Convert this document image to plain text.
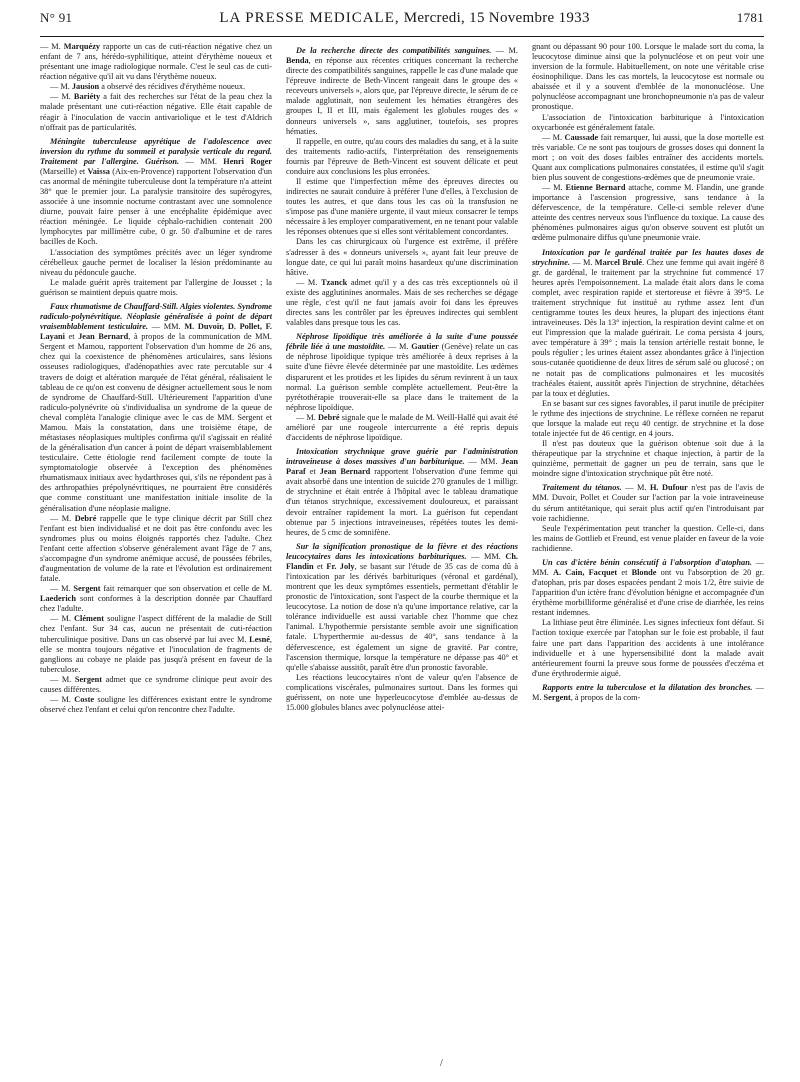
N° 91	LA PRESSE MEDICALE, Mercredi, 15 Novembre 1933	1781

— M. Marquézy rapporte un cas de cuti-réaction négative chez un enfant de 7 ans, hérédo-syphilitique, atteint d'érythème noueux et présentant une image radiologique normale. C'est le seul cas de cuti-réaction négative qu'il ait vu dans l'érythème noueux.

— M. Jausion a observé des récidives d'érythème noueux.

— M. Bariéty a fait des recherches sur l'état de la peau chez la malade présentant une cuti-réaction négative. Elle était capable de réagir à l'inoculation de vaccin antivariolique et le test d'Aldrich n'offrait pas de particularités.

Méningite tuberculeuse apyrétique de l'adolescence avec inversion du rythme du sommeil et paralysie verticale du regard. Traitement par l'allergine. Guérison. — MM. Henri Roger (Marseille) et Vaissa (Aix-en-Provence) rapportent l'observation d'un cas anormal de méningite tuberculeuse dont la température n'a atteint 38° que le premier jour. La paralysie transitoire des supérogyres, associée à une insomnie nocturne contrastant avec une somnolence diurne, pouvait faire penser à une encéphalite épidémique avec réaction méningée. Le liquide céphalo-rachidien contenait 200 lymphocytes par millimètre cube, 0 gr. 50 d'albumine et de rares bacilles de Koch.

L'association des symptômes précités avec un léger syndrome cérébelleux gauche permet de localiser la lésion prédominante au niveau du pédoncule gauche.

Le malade guérit après traitement par l'allergine de Jousset ; la guérison se maintient depuis quatre mois.

Faux rhumatisme de Chauffard-Still. Algies violentes. Syndrome radiculo-polynévritique. Néoplasie généralisée à point de départ vraisemblablement testiculaire. — MM. M. Duvoir, D. Pollet, F. Layani et Jean Bernard, à propos de la communication de MM. Sergent et Mamou, rapportent l'observation d'un homme de 26 ans, chez qui la coexistence de phénomènes articulaires, sans lésions osseuses radiologiques, d'adénopathies avec rate percutable sur 4 travers de doigt et altération marquée de l'état général, réalisaient le tableau de ce qu'on est convenu de désigner actuellement sous le nom de syndrome de Chauffard-Still. Ultérieurement l'apparition d'une radiculo-polynévrite où s'individualisa un syndrome de la queue de cheval complèta l'analogie clinique avec le cas de MM. Sergent et Mamou. Mais la constatation, dans une troisième étape, de métastases néoplasiques multiples confirma qu'il s'agissait en réalité de la généralisation d'un cancer à point de départ vraisemblablement testiculaire. Cette étiologie rend facilement compte de toute la symptomatologie observée à l'exception des phénomènes rhumatismaux initiaux avec hydarthroses qui, s'ils ne répondent pas à des arthropathies prépolynévritiques, ne pourraient être considérés que comme constituant une manifestation initiale insolite de la généralisation d'une néoplasie maligne.

— M. Debré rappelle que le type clinique décrit par Still chez l'enfant est bien individualisé et ne doit pas être confondu avec les syndromes plus ou moins éloignés rapportés chez l'adulte. Chez l'enfant cette affection s'observe généralement avant l'âge de 7 ans, s'accompagne d'un syndrome anémique accusé, de poussées fébriles, d'augmentation de volume de la rate et l'évolution est ordinairement fatale.

— M. Sergent fait remarquer que son observation et celle de M. Laederich sont conformes à la description donnée par Chauffard chez l'adulte.

— M. Clément souligne l'aspect différent de la maladie de Still chez l'enfant. Sur 34 cas, aucun ne présentait de cuti-réaction tuberculinique positive. Dans un cas observé par lui avec M. Lesné, elle se montra toujours négative et l'inoculation de fragments de ganglions au cobaye ne plaide pas jusqu'à présent en faveur de la tuberculose.

— M. Sergent admet que ce syndrome clinique peut avoir des causes différentes.

— M. Coste souligne les différences existant entre le syndrome observé chez l'enfant et celui qu'on rencontre chez l'adulte.

De la recherche directe des compatibilités sanguines. — M. Benda, en réponse aux récentes critiques concernant la recherche directe des compatibilités sanguines, rappelle le cas d'une malade que l'épreuve indirecte de Beth-Vincent rangeait dans le groupe des « receveurs universels », alors que, par l'épreuve directe, le sérum de ce malade agglutinait, non seulement les hématies étrangères des groupes I, II et III, mais également les globules rouges des « donneurs universels », sans agglutiner, toutefois, ses propres hématies.

Il rappelle, en outre, qu'au cours des maladies du sang, et à la suite des traitements radio-actifs, l'interprétation des renseignements fournis par l'épreuve de Beth-Vincent est souvent délicate et peut conduire aux conclusions les plus erronées.

Il estime que l'imperfection même des épreuves directes ou indirectes ne saurait conduire à préférer l'une d'elles, à l'exclusion de toutes les autres, et que dans tous les cas où la transfusion ne s'impose pas d'une manière urgente, il vaut mieux consacrer le temps nécessaire à les employer comparativement, en ne tenant pour valable les réponses obtenues que si elles sont véritablement concordantes.

Dans les cas chirurgicaux où l'urgence est extrême, il préfère s'adresser à des « donneurs universels », ayant fait leur preuve de longue date, ce qui lui paraît moins hasardeux qu'une discrimination hâtive.

— M. Tzanck admet qu'il y a des cas très exceptionnels où il existe des agglutinines anormales. Mais de ses recherches se dégage une règle, c'est qu'il ne faut jamais avoir foi dans les épreuves directes sans les contrôler par les épreuves indirectes qui semblent valables dans presque tous les cas.

Néphrose lipoïdique très améliorée à la suite d'une poussée fébrile liée à une mastoïdite. — M. Gautier (Genève) relate un cas de néphrose lipoïdique typique très améliorée à deux reprises à la suite d'une fièvre élevée déterminée par une mastoïdite. Les œdèmes disparurent et les protides et les lipides du sérum revinrent à un taux normal. La guérison semble complète actuellement. Peut-être la pyrétothérapie trouverait-elle sa place dans le traitement de la néphrose lipoïdique.

— M. Debré signale que le malade de M. Weill-Hallé qui avait été amélioré par une rougeole intercurrente a été repris depuis d'accidents de néphrose lipoïdique.

Intoxication strychnique grave guérie par l'administration intraveineuse à doses massives d'un barbiturique. — MM. Jean Paraf et Jean Bernard rapportent l'observation d'une femme qui avait absorbé dans une intention de suicide 270 granules de 1 milligr. de strychnine et était entrée à l'hôpital avec le tableau dramatique d'un tétanos strychnique, excessivement douloureux, et paraissant devoir entraîner rapidement la mort. La guérison fut cependant obtenue par 5 injections intraveineuses, répétées toutes les demi-heures, de 5 cmc de somnifène.
Sur la signification pronostique de la fièvre et des réactions leucocytaires dans les intoxications barbituriques. — MM. Ch. Flandin et Fr. Joly, se basant sur l'étude de 35 cas de coma dû à l'intoxication par les dérivés barbituriques (véronal et gardénal), montrent que les deux symptômes essentiels, permettant d'établir le pronostic de l'intoxication, sont l'aspect de la courbe thermique et la leucocytose. La notion de dose n'a qu'une importance relative, car la tolérance individuelle est aussi variable chez l'homme que chez l'animal. L'hypothermie persistante semble avoir une signification fatale. L'hyperthermie au-dessus de 40°, sans tendance à la défervescence, est également un signe de gravité. Par contre, l'ascension thermique, lorsque la température ne dépasse pas 40° et qu'elle s'abaisse aussitôt, paraît être d'un pronostic favorable.

Les réactions leucocytaires n'ont de valeur qu'en l'absence de complications viscérales, pulmonaires surtout. Dans les formes qui guérissent, on note une hyperleucocytose d'emblée au-dessus de 15.000 globules blancs avec polynucléose attei-

gnant ou dépassant 90 pour 100. Lorsque le malade sort du coma, la leucocytose diminue ainsi que la polynucléose et on peut voir une inversion de la formule. Habituellement, on note une véritable crise éosinophilique. Dans les cas mortels, la leucocytose est normale ou abaissée et il y a souvent d'emblée de la mononucléose. Une polynucléose accompagnant une bronchopneumonie n'a pas de valeur pronostique.

L'association de l'intoxication barbiturique à l'intoxication oxycarbonée est généralement fatale.

— M. Caussade fait remarquer, lui aussi, que la dose mortelle est très variable. Ce ne sont pas toujours de grosses doses qui donnent la mort ; on voit des doses faibles entraîner des accidents mortels. Quant aux complications pulmonaires constatées, il estime qu'il s'agit bien plus souvent de congestions-œdèmes que de pneumonie vraie.

— M. Etienne Bernard attache, comme M. Flandin, une grande importance à l'ascension progressive, sans tendance à la défervescence, de la température. Celle-ci semble relever d'une atteinte des centres nerveux sous l'influence du toxique. La cause des phénomènes pulmonaires aigus qu'on observe souvent est plutôt un œdème pulmonaire diffus qu'une pneumonie vraie.

Intoxication par le gardénal traitée par les hautes doses de strychnine. — M. Marcel Brulé. Chez une femme qui avait ingéré 8 gr. de gardénal, le traitement par la strychnine fut commencé 17 heures après l'empoisonnement. La malade était alors dans le coma complet, avec respiration rapide et stertoreuse et fièvre à 39°5. Le traitement strychnique fut institué au rythme assez lent d'un centigramme toutes les deux heures, la plupart des injections étant intraveineuses. Dès la 13° injection, la respiration devint calme et on eut l'impression que la malade guérirait. Le coma persista 4 jours, avec température à 39° ; mais la tension artérielle restait bonne, le pouls régulier ; les urines étaient assez abondantes grâce à l'injection sous-cutanée quotidienne de deux litres de sérum salé ou glucosé ; on ne notait pas de complications pulmonaires et les mucosités trachéales étaient, aussitôt après l'injection de strychnine, détachées par la toux et dégluties.

En se basant sur ces signes favorables, il parut inutile de précipiter le rythme des injections de strychnine. Le réflexe cornéen ne reparut que lorsque la malade eut reçu 40 centigr. de strychnine et la dose totale injectée fut de 46 centigr. en 4 jours.

Il n'est pas douteux que la guérison obtenue soit due à la thérapeutique par la strychnine et chaque injection, à partir de la quinzième, permettait de gagner un peu de terrain, sans que le moindre signe d'intoxication strychnique pût être noté.

Traitement du tétanos. — M. H. Dufour n'est pas de l'avis de MM. Duvoir, Pollet et Couder sur l'action par la voie intraveineuse du sérum antitétanique, qui serait plus actif qu'en l'introduisant par voie rachidienne.

Seule l'expérimentation peut trancher la question. Celle-ci, dans les mains de Gottlieb et Freund, est venue plaider en faveur de la voie rachidienne.

Un cas d'ictère bénin consécutif à l'absorption d'atophan. — MM. A. Cain, Facquet et Blonde ont vu l'absorption de 20 gr. d'atophan, pris par doses espacées pendant 2 mois 1/2, être suivie de l'apparition d'un ictère franc d'évolution bénigne et accompagnée d'un érythème morbilliforme généralisé et d'une crise de diarrhée, les reins restant indemnes.

La lithiase peut être éliminée. Les signes infectieux font défaut. Si l'action toxique exercée par l'atophan sur le foie est probable, il faut faire une part dans l'apparition des accidents à une intolérance individuelle et à une hypersensibilité dont la malade avait antérieurement fourni la preuve sous forme de poussées d'eczéma et d'une érythrodermie aiguë.

Rapports entre la tuberculose et la dilatation des bronches. — M. Sergent, à propos de la com-
/
